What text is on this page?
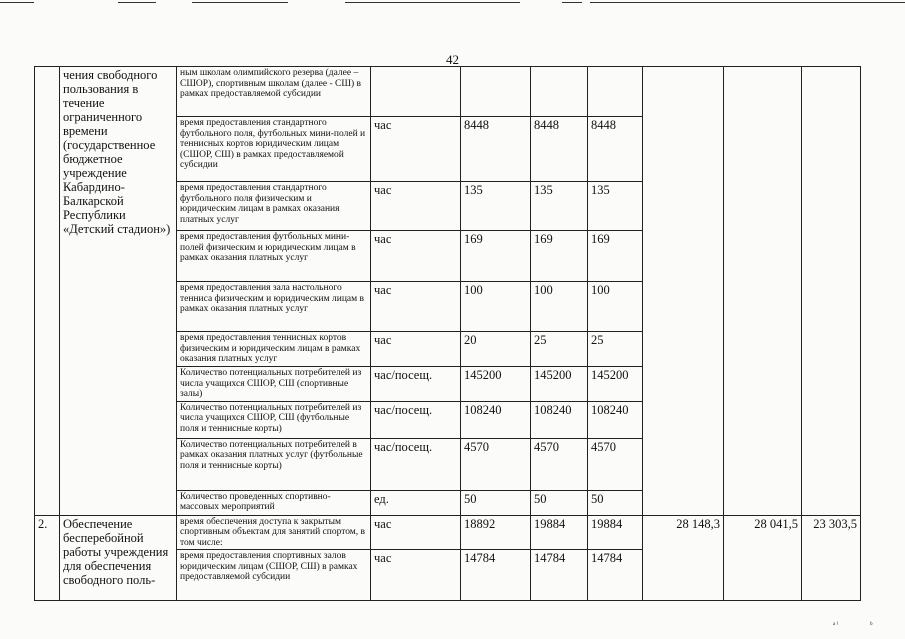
42
	чения свободного пользования в течение ограниченного времени (государственное бюджетное учреждение Кабардино-Балкарской Республики «Детский стадион»)	ным школам олимпийского резерва (далее – СШОР), спортивным школам (далее - СШ) в рамках предоставляемой субсидии							
		время предоставления стандартного футбольного поля, футбольных мини-полей и теннисных кортов юридическим лицам (СШОР, СШ) в рамках предоставляемой субсидии	час	8448	8448	8448			
		время предоставления стандартного футбольного поля физическим и юридическим лицам в рамках оказания платных услуг	час	135	135	135			
		время предоставления футбольных мини-полей физическим и юридическим лицам в рамках оказания платных услуг	час	169	169	169			
		время предоставления зала настольного тенниса физическим и юридическим лицам в рамках оказания платных услуг	час	100	100	100			
		время предоставления теннисных кортов физическим и юридическим лицам в рамках оказания платных услуг	час	20	25	25			
		Количество потенциальных потребителей из числа учащихся СШОР, СШ (спортивные залы)	час/посещ.	145200	145200	145200			
		Количество потенциальных потребителей из числа учащихся СШОР, СШ (футбольные поля и теннисные корты)	час/посещ.	108240	108240	108240			
		Количество потенциальных потребителей в рамках оказания платных услуг (футбольные поля и теннисные корты)	час/посещ.	4570	4570	4570			
		Количество проведенных спортивно-массовых мероприятий	ед.	50	50	50			
2.	Обеспечение бесперебойной работы учреждения для обеспечения свободного поль-	время обеспечения доступа к закрытым спортивным объектам для занятий спортом, в том числе:	час	18892	19884	19884	28 148,3	28 041,5	23 303,5
		время предоставления спортивных залов юридическим лицам (СШОР, СШ) в рамках предоставляемой субсидии	час	14784	14784	14784			
ᵃ ͥ	ᵇ
